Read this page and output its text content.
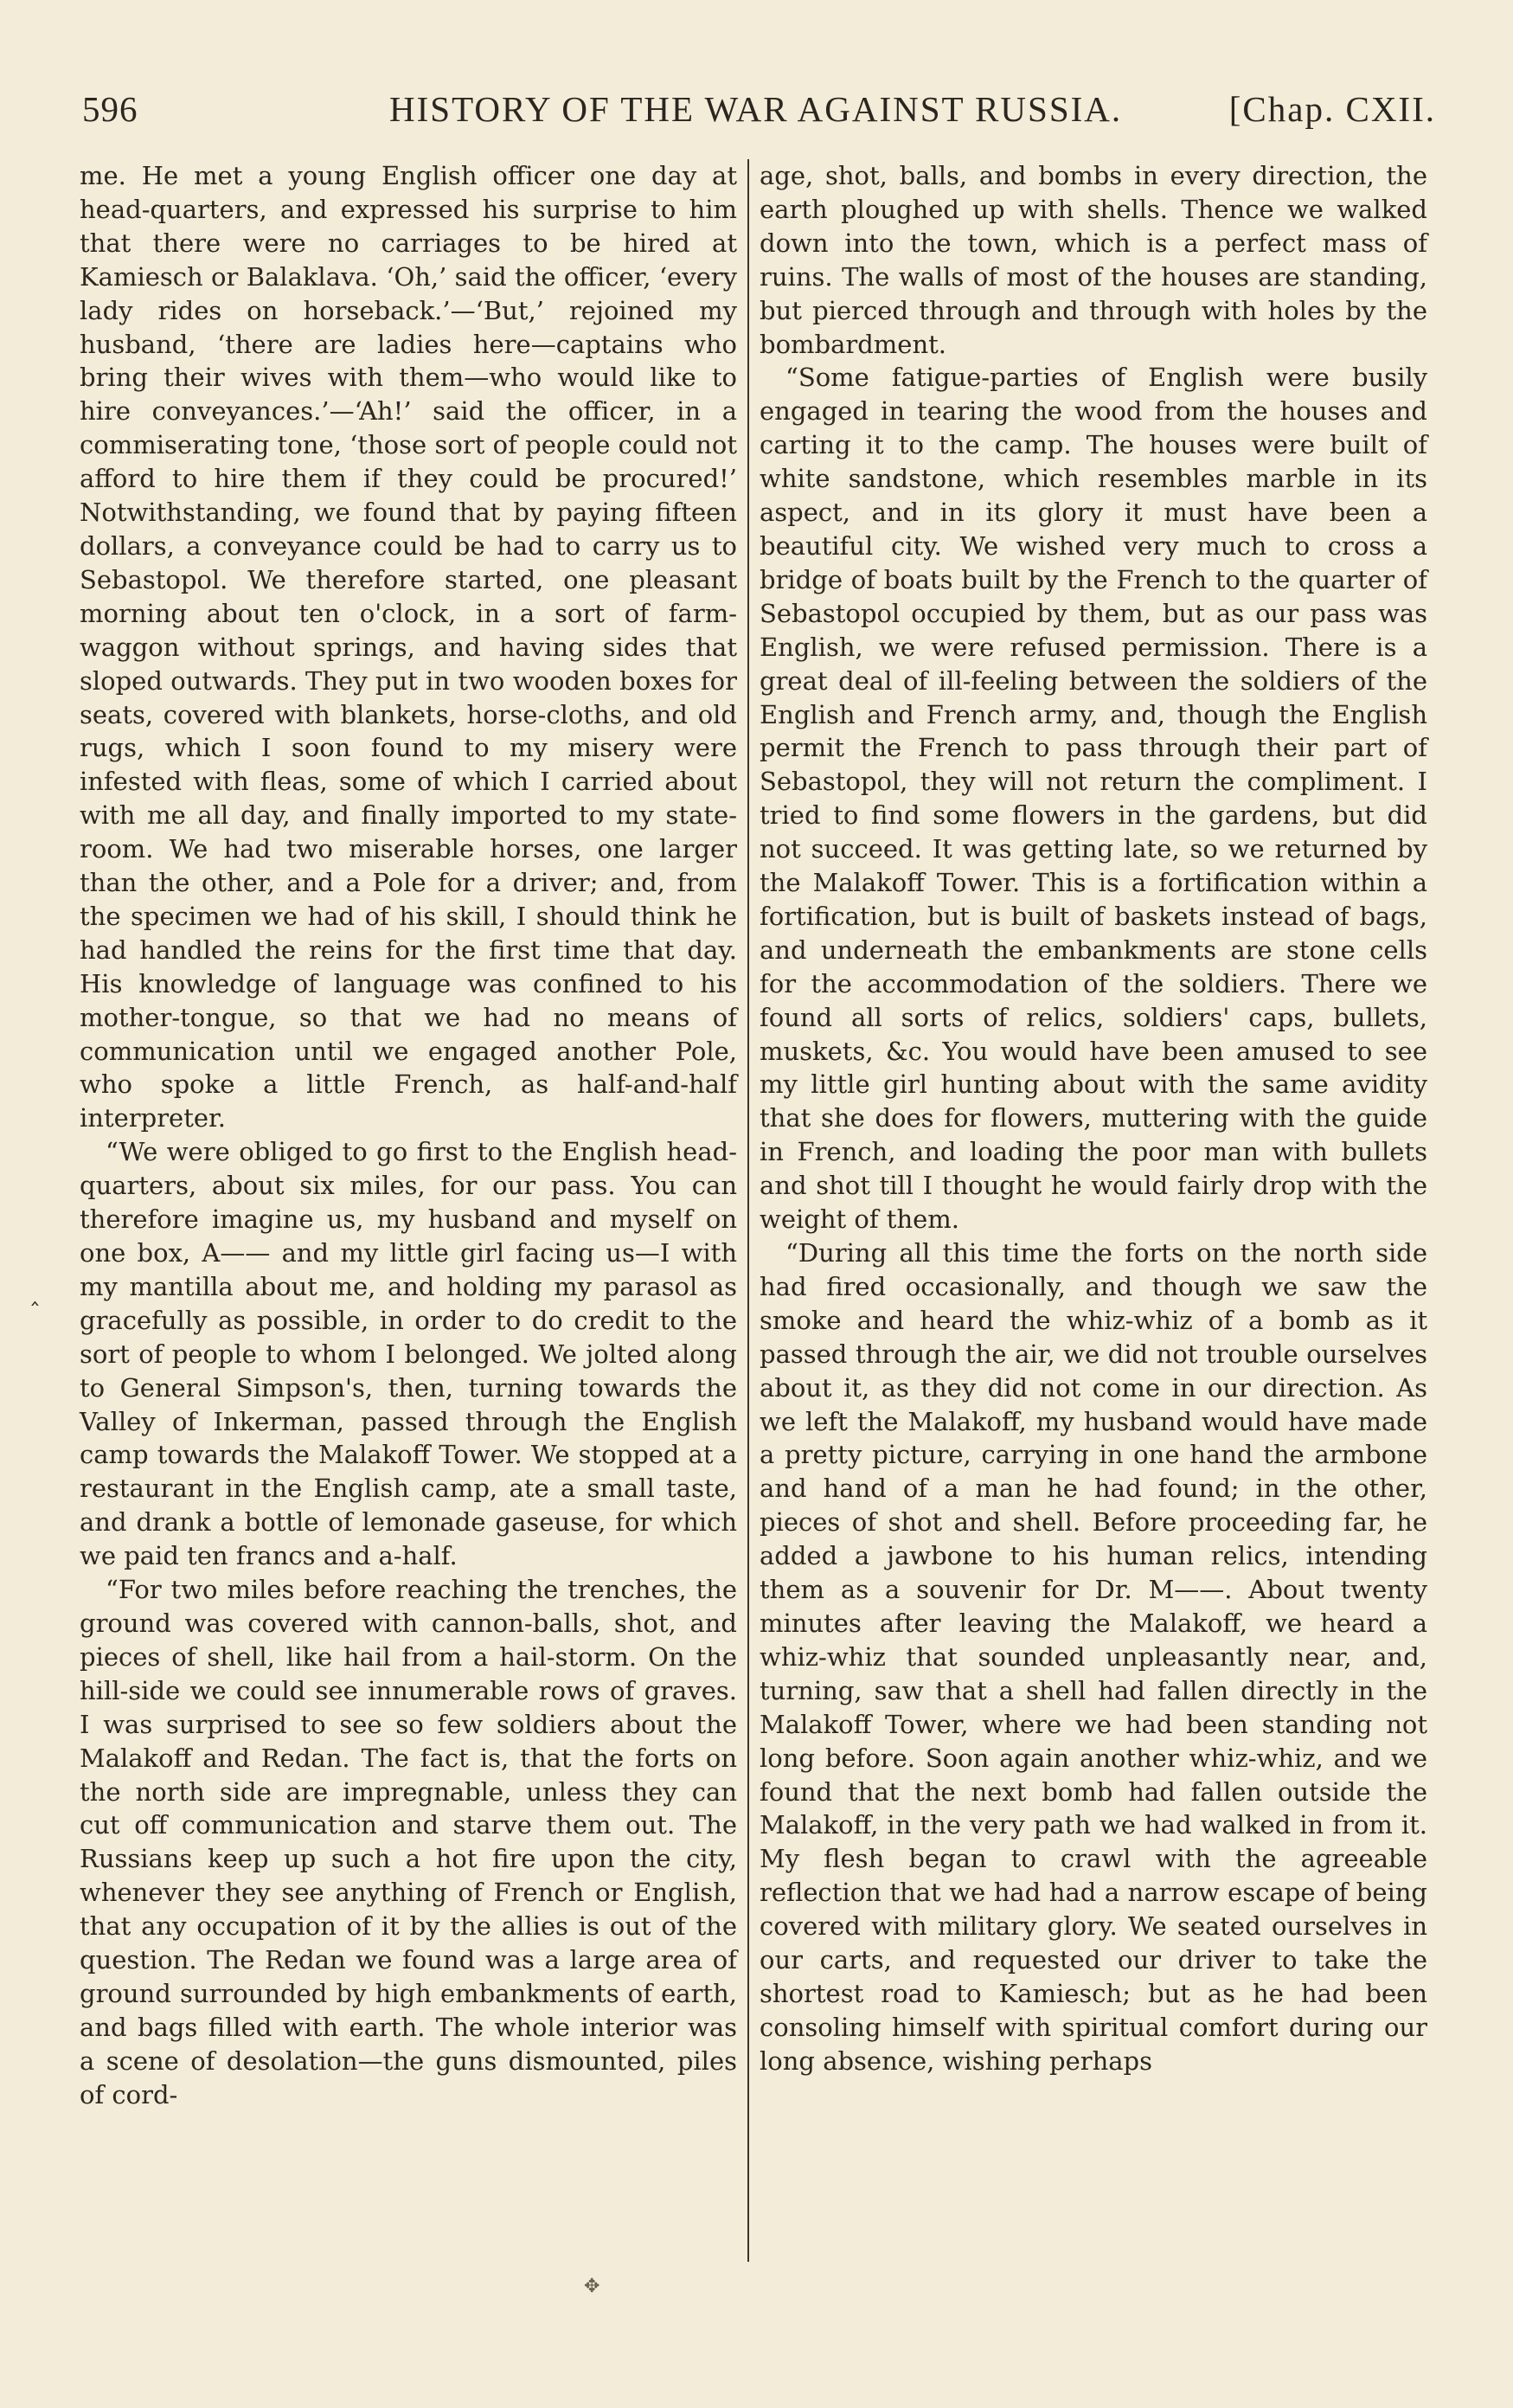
596	HISTORY OF THE WAR AGAINST RUSSIA.	[Chap. CXII.

me. He met a young English officer one day at head-quarters, and expressed his surprise to him that there were no carriages to be hired at Kamiesch or Balaklava. ‘Oh,’ said the officer, ‘every lady rides on horseback.’—‘But,’ rejoined my husband, ‘there are ladies here—captains who bring their wives with them—who would like to hire conveyances.’—‘Ah!’ said the officer, in a commiserating tone, ‘those sort of people could not afford to hire them if they could be procured!’ Notwithstanding, we found that by paying fifteen dollars, a conveyance could be had to carry us to Sebastopol. We therefore started, one pleasant morning about ten o'clock, in a sort of farm-waggon without springs, and having sides that sloped outwards. They put in two wooden boxes for seats, covered with blankets, horse-cloths, and old rugs, which I soon found to my misery were infested with fleas, some of which I carried about with me all day, and finally imported to my state-room. We had two miserable horses, one larger than the other, and a Pole for a driver; and, from the specimen we had of his skill, I should think he had handled the reins for the first time that day. His knowledge of language was confined to his mother-tongue, so that we had no means of communication until we engaged another Pole, who spoke a little French, as half-and-half interpreter.

“We were obliged to go first to the English head-quarters, about six miles, for our pass. You can therefore imagine us, my husband and myself on one box, A—— and my little girl facing us—I with my mantilla about me, and holding my parasol as gracefully as possible, in order to do credit to the sort of people to whom I belonged. We jolted along to General Simpson's, then, turning towards the Valley of Inkerman, passed through the English camp towards the Malakoff Tower. We stopped at a restaurant in the English camp, ate a small taste, and drank a bottle of lemonade gaseuse, for which we paid ten francs and a-half.

“For two miles before reaching the trenches, the ground was covered with cannon-balls, shot, and pieces of shell, like hail from a hail-storm. On the hill-side we could see innumerable rows of graves. I was surprised to see so few soldiers about the Malakoff and Redan. The fact is, that the forts on the north side are impregnable, unless they can cut off communication and starve them out. The Russians keep up such a hot fire upon the city, whenever they see anything of French or English, that any occupation of it by the allies is out of the question. The Redan we found was a large area of ground surrounded by high embankments of earth, and bags filled with earth. The whole interior was a scene of desolation—the guns dismounted, piles of cord-

age, shot, balls, and bombs in every direction, the earth ploughed up with shells. Thence we walked down into the town, which is a perfect mass of ruins. The walls of most of the houses are standing, but pierced through and through with holes by the bombardment.

“Some fatigue-parties of English were busily engaged in tearing the wood from the houses and carting it to the camp. The houses were built of white sandstone, which resembles marble in its aspect, and in its glory it must have been a beautiful city. We wished very much to cross a bridge of boats built by the French to the quarter of Sebastopol occupied by them, but as our pass was English, we were refused permission. There is a great deal of ill-feeling between the soldiers of the English and French army, and, though the English permit the French to pass through their part of Sebastopol, they will not return the compliment. I tried to find some flowers in the gardens, but did not succeed. It was getting late, so we returned by the Malakoff Tower. This is a fortification within a fortification, but is built of baskets instead of bags, and underneath the embankments are stone cells for the accommodation of the soldiers. There we found all sorts of relics, soldiers' caps, bullets, muskets, &c. You would have been amused to see my little girl hunting about with the same avidity that she does for flowers, muttering with the guide in French, and loading the poor man with bullets and shot till I thought he would fairly drop with the weight of them.

“During all this time the forts on the north side had fired occasionally, and though we saw the smoke and heard the whiz-whiz of a bomb as it passed through the air, we did not trouble ourselves about it, as they did not come in our direction. As we left the Malakoff, my husband would have made a pretty picture, carrying in one hand the armbone and hand of a man he had found; in the other, pieces of shot and shell. Before proceeding far, he added a jawbone to his human relics, intending them as a souvenir for Dr. M——. About twenty minutes after leaving the Malakoff, we heard a whiz-whiz that sounded unpleasantly near, and, turning, saw that a shell had fallen directly in the Malakoff Tower, where we had been standing not long before. Soon again another whiz-whiz, and we found that the next bomb had fallen outside the Malakoff, in the very path we had walked in from it. My flesh began to crawl with the agreeable reflection that we had had a narrow escape of being covered with military glory. We seated ourselves in our carts, and requested our driver to take the shortest road to Kamiesch; but as he had been consoling himself with spiritual comfort during our long absence, wishing perhaps

‸
✥
